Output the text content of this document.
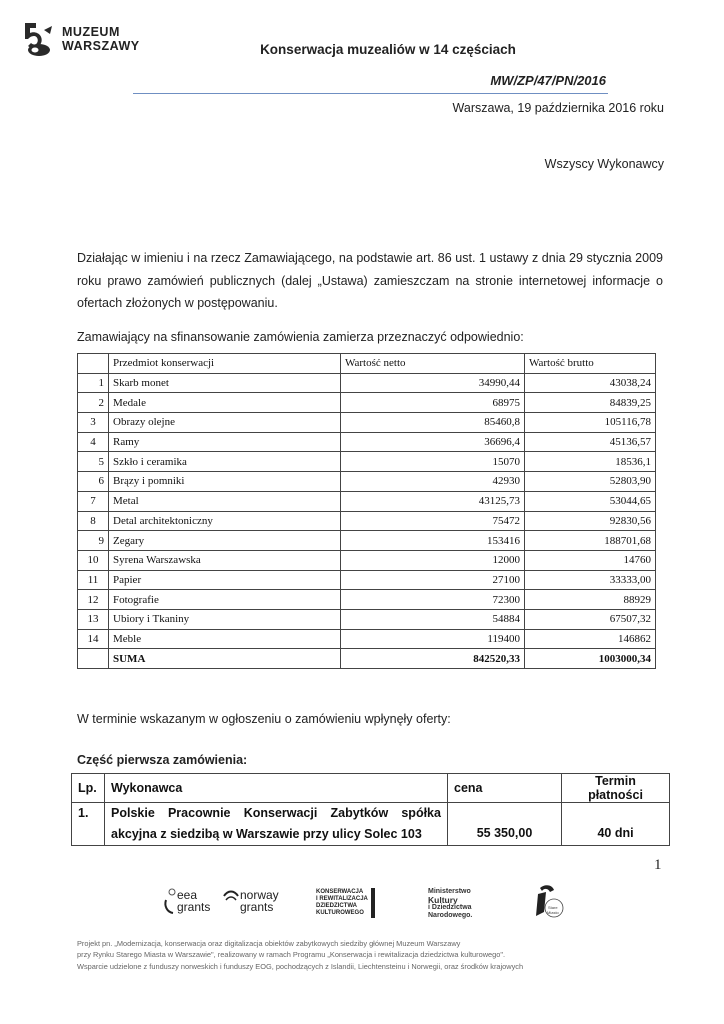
MUZEUM
WARSZAWY	Konserwacja muzealiów w 14 częściach
MW/ZP/47/PN/2016
Warszawa, 19 października 2016 roku
Wszyscy Wykonawcy
Działając w imieniu i na rzecz Zamawiającego, na podstawie art. 86 ust. 1 ustawy z dnia 29 stycznia 2009 roku prawo zamówień publicznych (dalej „Ustawa) zamieszczam na stronie internetowej informacje o ofertach złożonych w postępowaniu.
Zamawiający na sfinansowanie zamówienia zamierza przeznaczyć odpowiednio:
	Przedmiot konserwacji	Wartość netto	Wartość brutto
1	Skarb monet	34990,44	43038,24
2	Medale	68975	84839,25
3	Obrazy olejne	85460,8	105116,78
4	Ramy	36696,4	45136,57
5	Szkło i ceramika	15070	18536,1
6	Brązy i pomniki	42930	52803,90
7	Metal	43125,73	53044,65
8	Detal architektoniczny	75472	92830,56
9	Zegary	153416	188701,68
10	Syrena Warszawska	12000	14760
11	Papier	27100	33333,00
12	Fotografie	72300	88929
13	Ubiory i Tkaniny	54884	67507,32
14	Meble	119400	146862
	SUMA	842520,33	1003000,34
W terminie wskazanym w ogłoszeniu o zamówieniu wpłynęły oferty:
Część pierwsza zamówienia:
Lp.	Wykonawca	cena	Termin płatności
1.	Polskie Pracownie Konserwacji Zabytków spółka
akcyjna z siedzibą w Warszawie przy ulicy Solec 103	55 350,00	40 dni
1
eea
grants
norway
grants
KONSERWACJA
I REWITALIZACJA
DZIEDZICTWA
KULTUROWEGO
Ministerstwo
Kultury
i Dziedzictwa
Narodowego.
Stare
Miasto
Projekt pn. „Modernizacja, konserwacja oraz digitalizacja obiektów zabytkowych siedziby głównej Muzeum Warszawy
przy Rynku Starego Miasta w Warszawie", realizowany w ramach Programu „Konserwacja i rewitalizacja dziedzictwa kulturowego".
Wsparcie udzielone z funduszy norweskich i funduszy EOG, pochodzących z Islandii, Liechtensteinu i Norwegii, oraz środków krajowych
